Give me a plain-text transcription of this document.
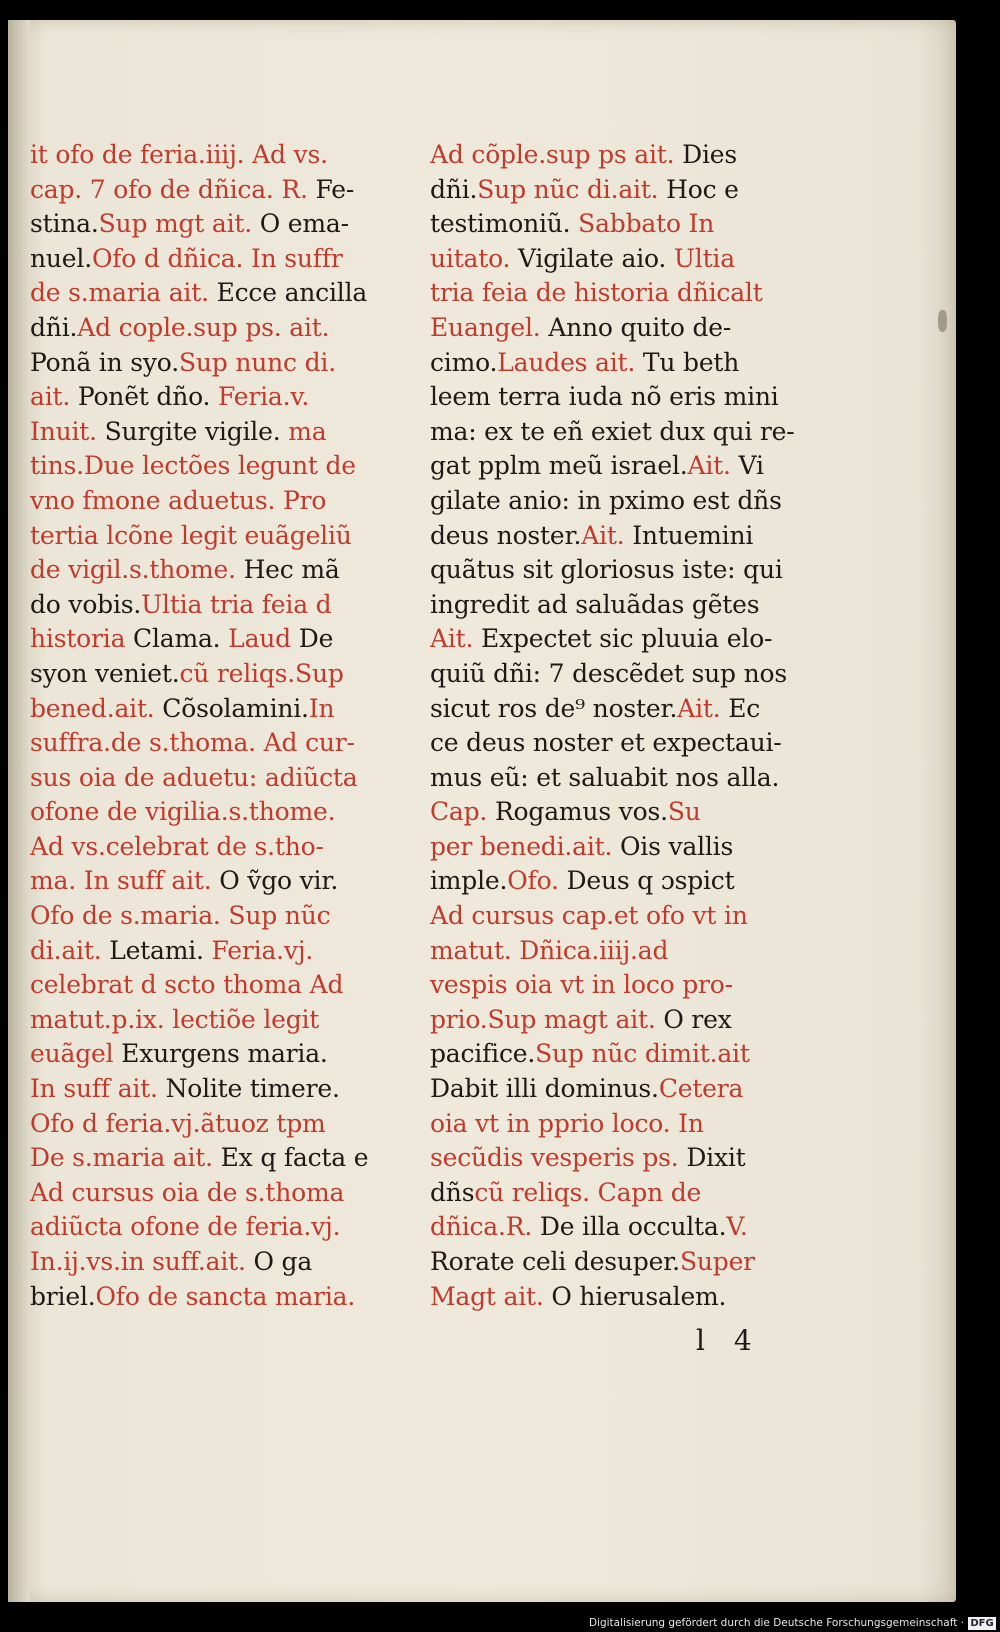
it ofo de feria.iiij. Ad vs.
cap. 7 ofo de dñica. R. Fe-
stina.Sup mgt ait. O ema-
nuel.Ofo d dñica. In suffr
de s.maria ait. Ecce ancilla
dñi.Ad cople.sup ps. ait.
Ponã in syo.Sup nunc di.
ait. Ponẽt dño. Feria.v.
Inuit. Surgite vigile. ma
tins.Due lectões legunt de
vno fmone aduetus. Pro
tertia lcõne legit euãgeliũ
de vigil.s.thome. Hec mã
do vobis.Ultia tria feia d
historia Clama. Laud De
syon veniet.cũ reliqs.Sup
bened.ait. Cõsolamini.In
suffra.de s.thoma. Ad cur-
sus oia de aduetu: adiũcta
ofone de vigilia.s.thome.
Ad vs.celebrat de s.tho-
ma. In suff ait. O ṽgo vir.
Ofo de s.maria. Sup nũc
di.ait. Letami. Feria.vj.
celebrat d scto thoma Ad
matut.p.ix. lectiõe legit
euãgel Exurgens maria.
In suff ait. Nolite timere.
Ofo d feria.vj.ãtuoz tpm
De s.maria ait. Ex q facta e
Ad cursus oia de s.thoma
adiũcta ofone de feria.vj.
In.ij.vs.in suff.ait. O ga
briel.Ofo de sancta maria.
Ad cõple.sup ps ait. Dies
dñi.Sup nũc di.ait. Hoc e
testimoniũ. Sabbato In
uitato. Vigilate aio. Ultia
tria feia de historia dñicalt
Euangel. Anno quito de-
cimo.Laudes ait. Tu beth
leem terra iuda nõ eris mini
ma: ex te eñ exiet dux qui re-
gat pplm meũ israel.Ait. Vi
gilate anio: in pximo est dñs
deus noster.Ait. Intuemini
quãtus sit gloriosus iste: qui
ingredit ad saluãdas gẽtes
Ait. Expectet sic pluuia elo-
quiũ dñi: 7 descẽdet sup nos
sicut ros de⁹ noster.Ait. Ec
ce deus noster et expectaui-
mus eũ: et saluabit nos alla.
Cap. Rogamus vos.Su
per benedi.ait. Ois vallis
imple.Ofo. Deus q ɔspict
Ad cursus cap.et ofo vt in
matut. Dñica.iiij.ad
vespis oia vt in loco pro-
prio.Sup magt ait. O rex
pacifice.Sup nũc dimit.ait
Dabit illi dominus.Cetera
oia vt in pprio loco. In
secũdis vesperis ps. Dixit
dñscũ reliqs. Capn de
dñica.R. De illa occulta.V.
Rorate celi desuper.Super
Magt ait. O hierusalem.
l 4
Digitalisierung gefördert durch die Deutsche Forschungsgemeinschaft · DFG
